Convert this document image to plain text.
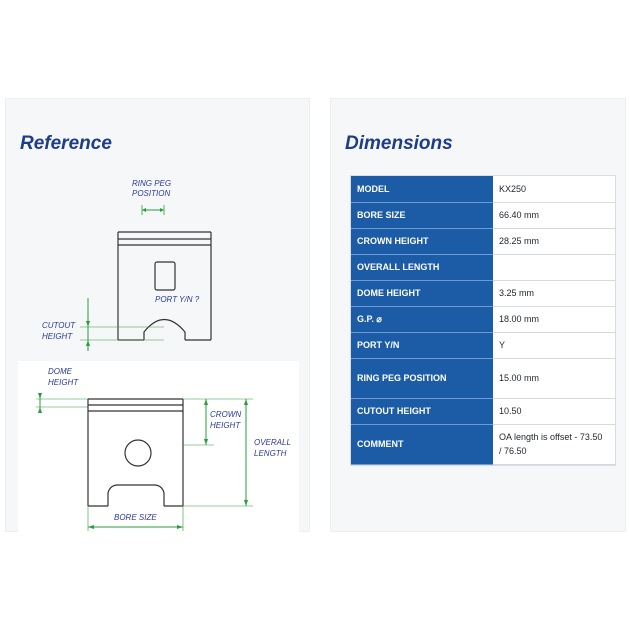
Reference
RING PEG
POSITION
PORT Y/N ?
CUTOUT
HEIGHT
DOME
HEIGHT
CROWN
HEIGHT
OVERALL
LENGTH
BORE SIZE
Dimensions
MODEL	KX250
BORE SIZE	66.40 mm
CROWN HEIGHT	28.25 mm
OVERALL LENGTH	
DOME HEIGHT	3.25 mm
G.P. ⌀	18.00 mm
PORT Y/N	Y
RING PEG POSITION	15.00 mm
CUTOUT HEIGHT	10.50
COMMENT	OA length is offset - 73.50 / 76.50
